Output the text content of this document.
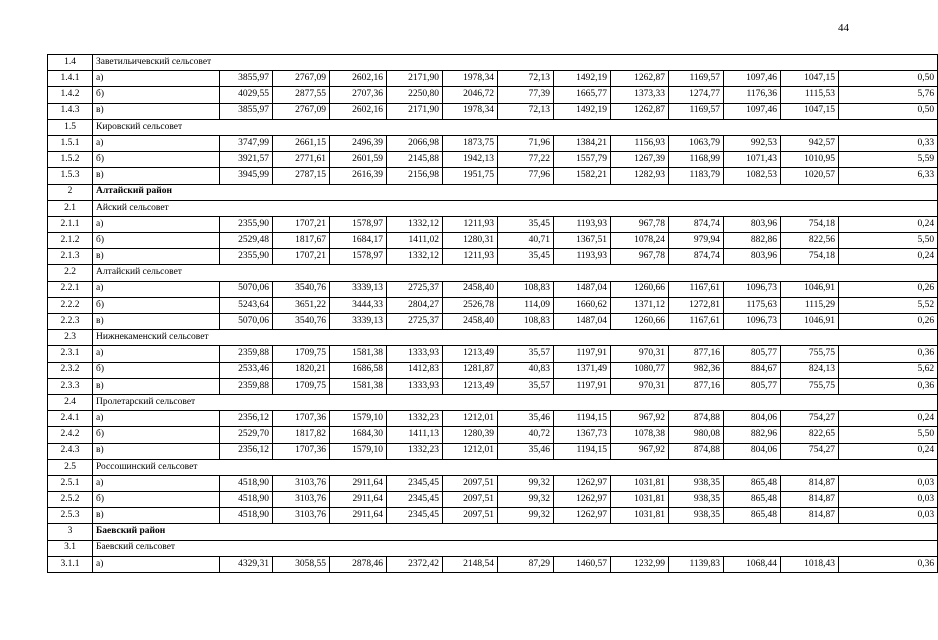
44
1.4	Заветильичевский сельсовет												
1.4.1	а)	3855,97	2767,09	2602,16	2171,90	1978,34	72,13	1492,19	1262,87	1169,57	1097,46	1047,15	0,50
1.4.2	б)	4029,55	2877,55	2707,36	2250,80	2046,72	77,39	1665,77	1373,33	1274,77	1176,36	1115,53	5,76
1.4.3	в)	3855,97	2767,09	2602,16	2171,90	1978,34	72,13	1492,19	1262,87	1169,57	1097,46	1047,15	0,50
1.5	Кировский сельсовет												
1.5.1	а)	3747,99	2661,15	2496,39	2066,98	1873,75	71,96	1384,21	1156,93	1063,79	992,53	942,57	0,33
1.5.2	б)	3921,57	2771,61	2601,59	2145,88	1942,13	77,22	1557,79	1267,39	1168,99	1071,43	1010,95	5,59
1.5.3	в)	3945,99	2787,15	2616,39	2156,98	1951,75	77,96	1582,21	1282,93	1183,79	1082,53	1020,57	6,33
2	Алтайский район												
2.1	Айский сельсовет												
2.1.1	а)	2355,90	1707,21	1578,97	1332,12	1211,93	35,45	1193,93	967,78	874,74	803,96	754,18	0,24
2.1.2	б)	2529,48	1817,67	1684,17	1411,02	1280,31	40,71	1367,51	1078,24	979,94	882,86	822,56	5,50
2.1.3	в)	2355,90	1707,21	1578,97	1332,12	1211,93	35,45	1193,93	967,78	874,74	803,96	754,18	0,24
2.2	Алтайский сельсовет												
2.2.1	а)	5070,06	3540,76	3339,13	2725,37	2458,40	108,83	1487,04	1260,66	1167,61	1096,73	1046,91	0,26
2.2.2	б)	5243,64	3651,22	3444,33	2804,27	2526,78	114,09	1660,62	1371,12	1272,81	1175,63	1115,29	5,52
2.2.3	в)	5070,06	3540,76	3339,13	2725,37	2458,40	108,83	1487,04	1260,66	1167,61	1096,73	1046,91	0,26
2.3	Нижнекаменский сельсовет												
2.3.1	а)	2359,88	1709,75	1581,38	1333,93	1213,49	35,57	1197,91	970,31	877,16	805,77	755,75	0,36
2.3.2	б)	2533,46	1820,21	1686,58	1412,83	1281,87	40,83	1371,49	1080,77	982,36	884,67	824,13	5,62
2.3.3	в)	2359,88	1709,75	1581,38	1333,93	1213,49	35,57	1197,91	970,31	877,16	805,77	755,75	0,36
2.4	Пролетарский сельсовет												
2.4.1	а)	2356,12	1707,36	1579,10	1332,23	1212,01	35,46	1194,15	967,92	874,88	804,06	754,27	0,24
2.4.2	б)	2529,70	1817,82	1684,30	1411,13	1280,39	40,72	1367,73	1078,38	980,08	882,96	822,65	5,50
2.4.3	в)	2356,12	1707,36	1579,10	1332,23	1212,01	35,46	1194,15	967,92	874,88	804,06	754,27	0,24
2.5	Россошинский сельсовет												
2.5.1	а)	4518,90	3103,76	2911,64	2345,45	2097,51	99,32	1262,97	1031,81	938,35	865,48	814,87	0,03
2.5.2	б)	4518,90	3103,76	2911,64	2345,45	2097,51	99,32	1262,97	1031,81	938,35	865,48	814,87	0,03
2.5.3	в)	4518,90	3103,76	2911,64	2345,45	2097,51	99,32	1262,97	1031,81	938,35	865,48	814,87	0,03
3	Баевский район												
3.1	Баевский сельсовет												
3.1.1	а)	4329,31	3058,55	2878,46	2372,42	2148,54	87,29	1460,57	1232,99	1139,83	1068,44	1018,43	0,36
